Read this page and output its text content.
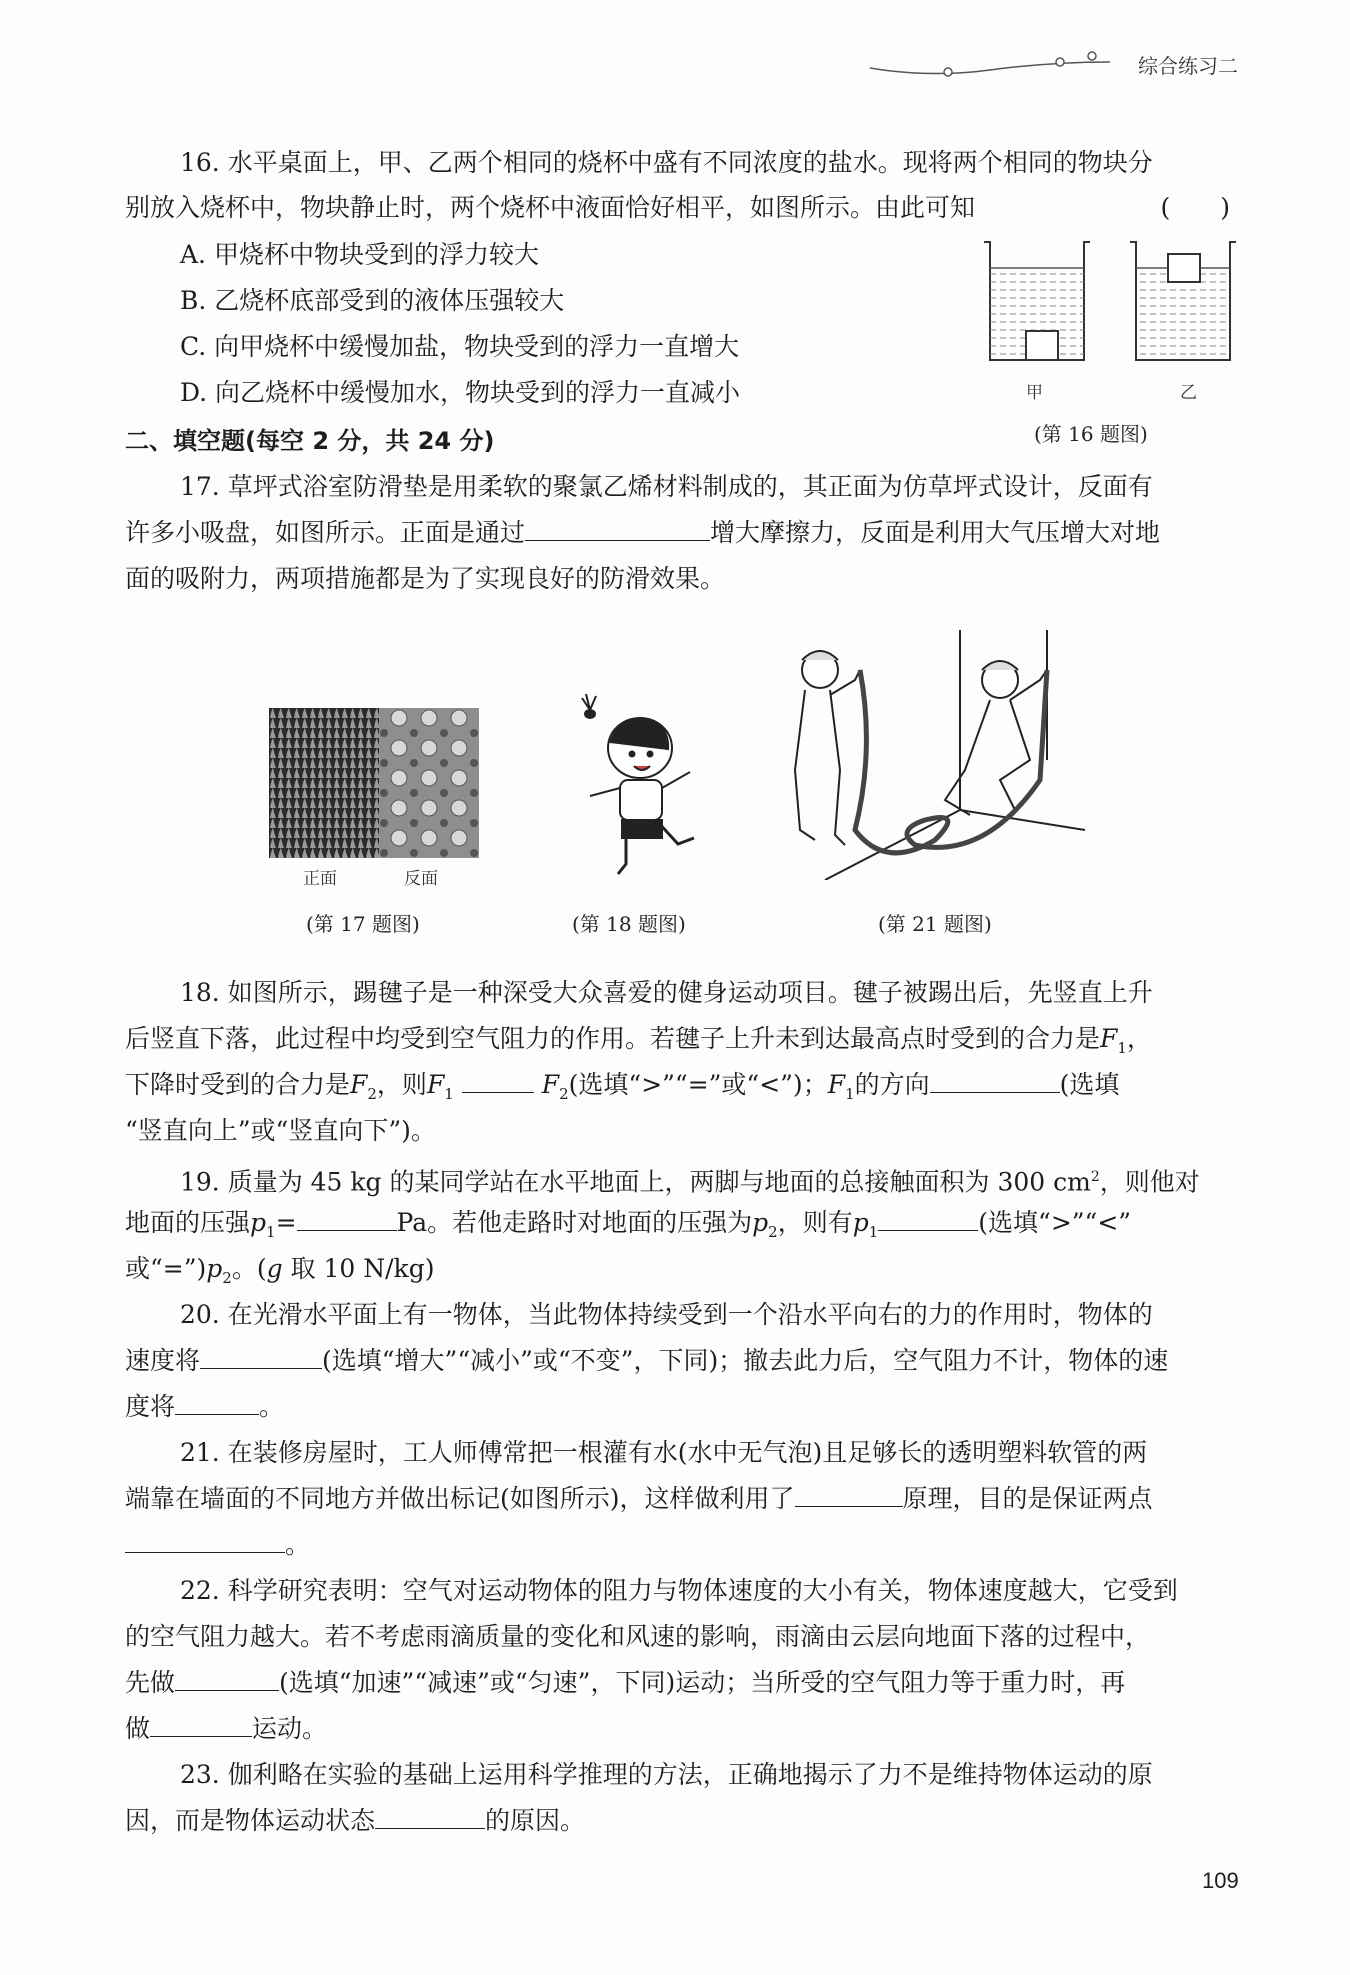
综合练习二
16. 水平桌面上，甲、乙两个相同的烧杯中盛有不同浓度的盐水。现将两个相同的物块分
别放入烧杯中，物块静止时，两个烧杯中液面恰好相平，如图所示。由此可知	(　　)
A. 甲烧杯中物块受到的浮力较大
B. 乙烧杯底部受到的液体压强较大
C. 向甲烧杯中缓慢加盐，物块受到的浮力一直增大
D. 向乙烧杯中缓慢加水，物块受到的浮力一直减小	甲	乙
(第 16 题图)
二、填空题(每空 2 分，共 24 分)
17. 草坪式浴室防滑垫是用柔软的聚氯乙烯材料制成的，其正面为仿草坪式设计，反面有
许多小吸盘，如图所示。正面是通过	增大摩擦力，反面是利用大气压增大对地
面的吸附力，两项措施都是为了实现良好的防滑效果。
正面	反面
(第 17 题图)	(第 18 题图)	(第 21 题图)
18. 如图所示，踢毽子是一种深受大众喜爱的健身运动项目。毽子被踢出后，先竖直上升
后竖直下落，此过程中均受到空气阻力的作用。若毽子上升未到达最高点时受到的合力是$F_1$，
下降时受到的合力是$F_2$，则$F_1$	$F_2$(选填“>”“=”或“<”)；$F_1$的方向	(选填
“竖直向上”或“竖直向下”)。
19. 质量为 45 kg 的某同学站在水平地面上，两脚与地面的总接触面积为 300 $cm^2$，则他对
地面的压强$p_1=$	Pa。若他走路时对地面的压强为$p_2$，则有$p_1$	(选填“>”“<”
或“$=”)p_2$。(g 取 10 N/kg)
20. 在光滑水平面上有一物体，当此物体持续受到一个沿水平向右的力的作用时，物体的
速度将	(选填“增大”“减小”或“不变”，下同)；撤去此力后，空气阻力不计，物体的速
度将	。
21. 在装修房屋时，工人师傅常把一根灌有水(水中无气泡)且足够长的透明塑料软管的两
端靠在墙面的不同地方并做出标记(如图所示)，这样做利用了	原理，目的是保证两点
。
22. 科学研究表明：空气对运动物体的阻力与物体速度的大小有关，物体速度越大，它受到
的空气阻力越大。若不考虑雨滴质量的变化和风速的影响，雨滴由云层向地面下落的过程中，
先做	(选填“加速”“减速”或“匀速”，下同)运动；当所受的空气阻力等于重力时，再
做	运动。
23. 伽利略在实验的基础上运用科学推理的方法，正确地揭示了力不是维持物体运动的原
因，而是物体运动状态	的原因。
109
